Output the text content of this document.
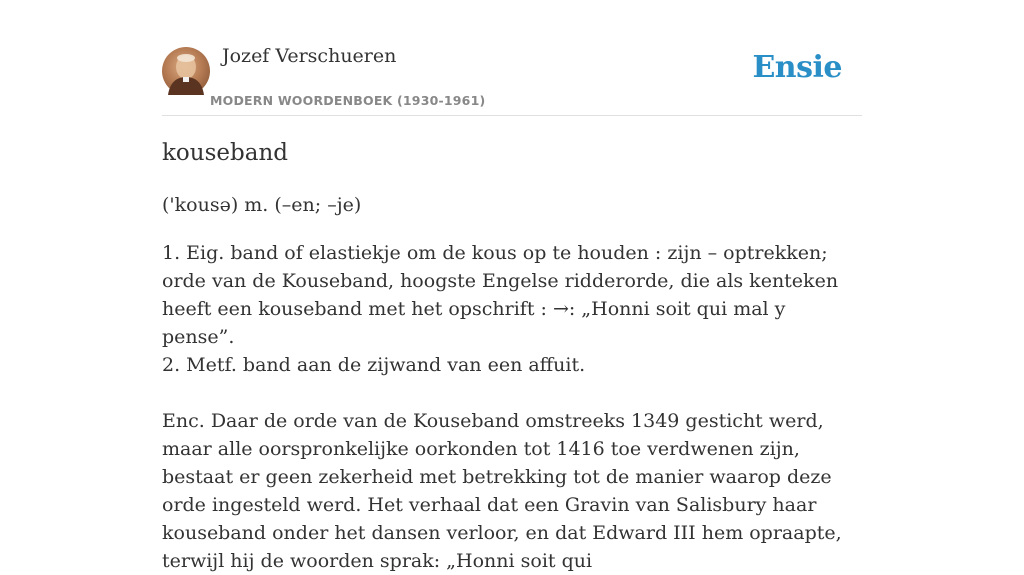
Jozef Verschueren
MODERN WOORDENBOEK (1930-1961)
Ensie
kouseband
('kousə) m. (–en; –je)

1. Eig. band of elastiekje om de kous op te houden : zijn – optrekken; orde van de Kouseband, hoogste Engelse ridderorde, die als kenteken heeft een kouseband met het opschrift : →: „Honni soit qui mal y pense”.

2. Metf. band aan de zijwand van een affuit.

Enc. Daar de orde van de Kouseband omstreeks 1349 gesticht werd, maar alle oorspronkelijke oorkonden tot 1416 toe verdwenen zijn, bestaat er geen zekerheid met betrekking tot de manier waarop deze orde ingesteld werd. Het verhaal dat een Gravin van Salisbury haar kouseband onder het dansen verloor, en dat Edward III hem opraapte, terwijl hij de woorden sprak: „Honni soit qui
